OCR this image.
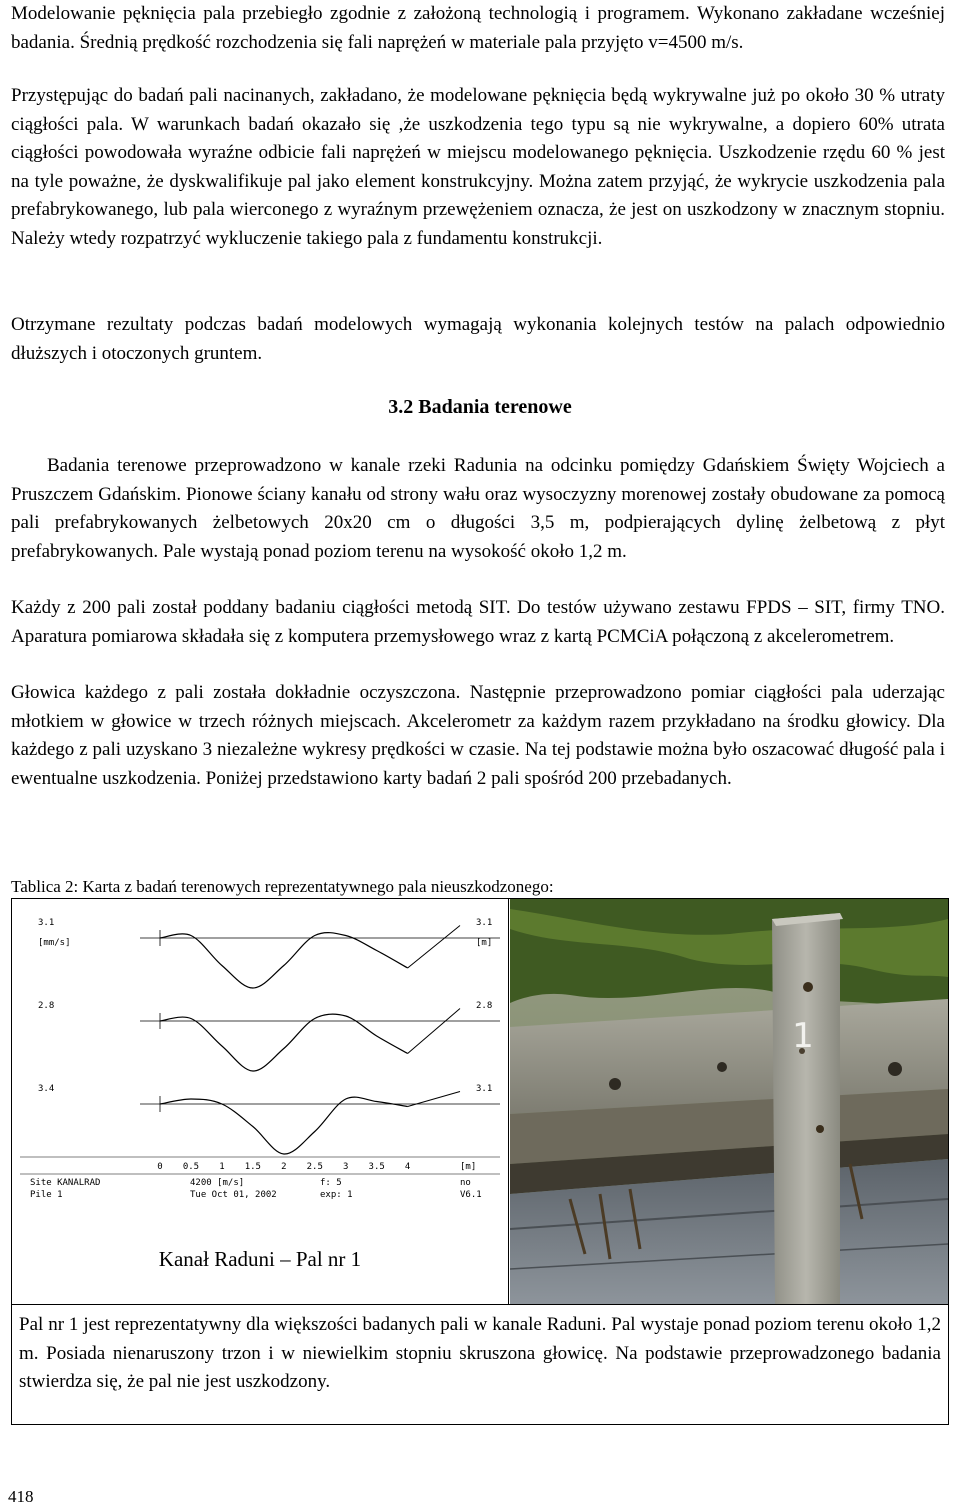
Modelowanie pęknięcia pala przebiegło zgodnie z założoną technologią i programem. Wykonano zakładane wcześniej badania. Średnią prędkość rozchodzenia się fali naprężeń w materiale pala przyjęto v=4500 m/s.

Przystępując do badań pali nacinanych, zakładano, że modelowane pęknięcia będą wykrywalne już po około 30 % utraty ciągłości pala. W warunkach badań okazało się ,że uszkodzenia tego typu są nie wykrywalne, a dopiero 60% utrata ciągłości powodowała wyraźne odbicie fali naprężeń w miejscu modelowanego pęknięcia. Uszkodzenie rzędu 60 % jest na tyle poważne, że dyskwalifikuje pal jako element konstrukcyjny. Można zatem przyjąć, że wykrycie uszkodzenia pala prefabrykowanego, lub pala wierconego z wyraźnym przewężeniem oznacza, że jest on uszkodzony w znacznym stopniu. Należy wtedy rozpatrzyć wykluczenie takiego pala z fundamentu konstrukcji.

Otrzymane rezultaty podczas badań modelowych wymagają wykonania kolejnych testów na palach odpowiednio dłuższych i otoczonych gruntem.

3.2 Badania terenowe

Badania terenowe przeprowadzono w kanale rzeki Radunia na odcinku pomiędzy Gdańskiem Święty Wojciech a Pruszczem Gdańskim. Pionowe ściany kanału od strony wału oraz wysoczyzny morenowej zostały obudowane za pomocą pali prefabrykowanych żelbetowych 20x20 cm o długości 3,5 m, podpierających dylinę żelbetową z płyt prefabrykowanych. Pale wystają ponad poziom terenu na wysokość około 1,2 m.

Każdy z 200 pali został poddany badaniu ciągłości metodą SIT. Do testów używano zestawu FPDS – SIT, firmy TNO. Aparatura pomiarowa składała się z komputera przemysłowego wraz z kartą PCMCiA połączoną z akcelerometrem.

Głowica każdego z pali została dokładnie oczyszczona. Następnie przeprowadzono pomiar ciągłości pala uderzając młotkiem w głowice w trzech różnych miejscach. Akcelerometr za każdym razem przykładano na środku głowicy. Dla każdego z pali uzyskano 3 niezależne wykresy prędkości w czasie. Na tej podstawie można było oszacować długość pala i ewentualne uszkodzenia. Poniżej przedstawiono karty badań 2 pali spośród 200 przebadanych.

Tablica 2: Karta z badań terenowych reprezentatywnego pala nieuszkodzonego:

3.1	3.1
[mm/s]	[m]
2.8	2.8
3.4	3.1
0 0.5 1 1.5 2 2.5 3 3.5 4	[m]
Site KANALRAD	4200 [m/s]	f: 5	no
Pile 1	Tue Oct 01, 2002	exp: 1	V6.1
Kanał Raduni – Pal nr 1
1

Pal nr 1 jest reprezentatywny dla większości badanych pali w kanale Raduni. Pal wystaje ponad poziom terenu około 1,2 m. Posiada nienaruszony trzon i w niewielkim stopniu skruszona głowicę. Na podstawie przeprowadzonego badania stwierdza się, że pal nie jest uszkodzony.

418
